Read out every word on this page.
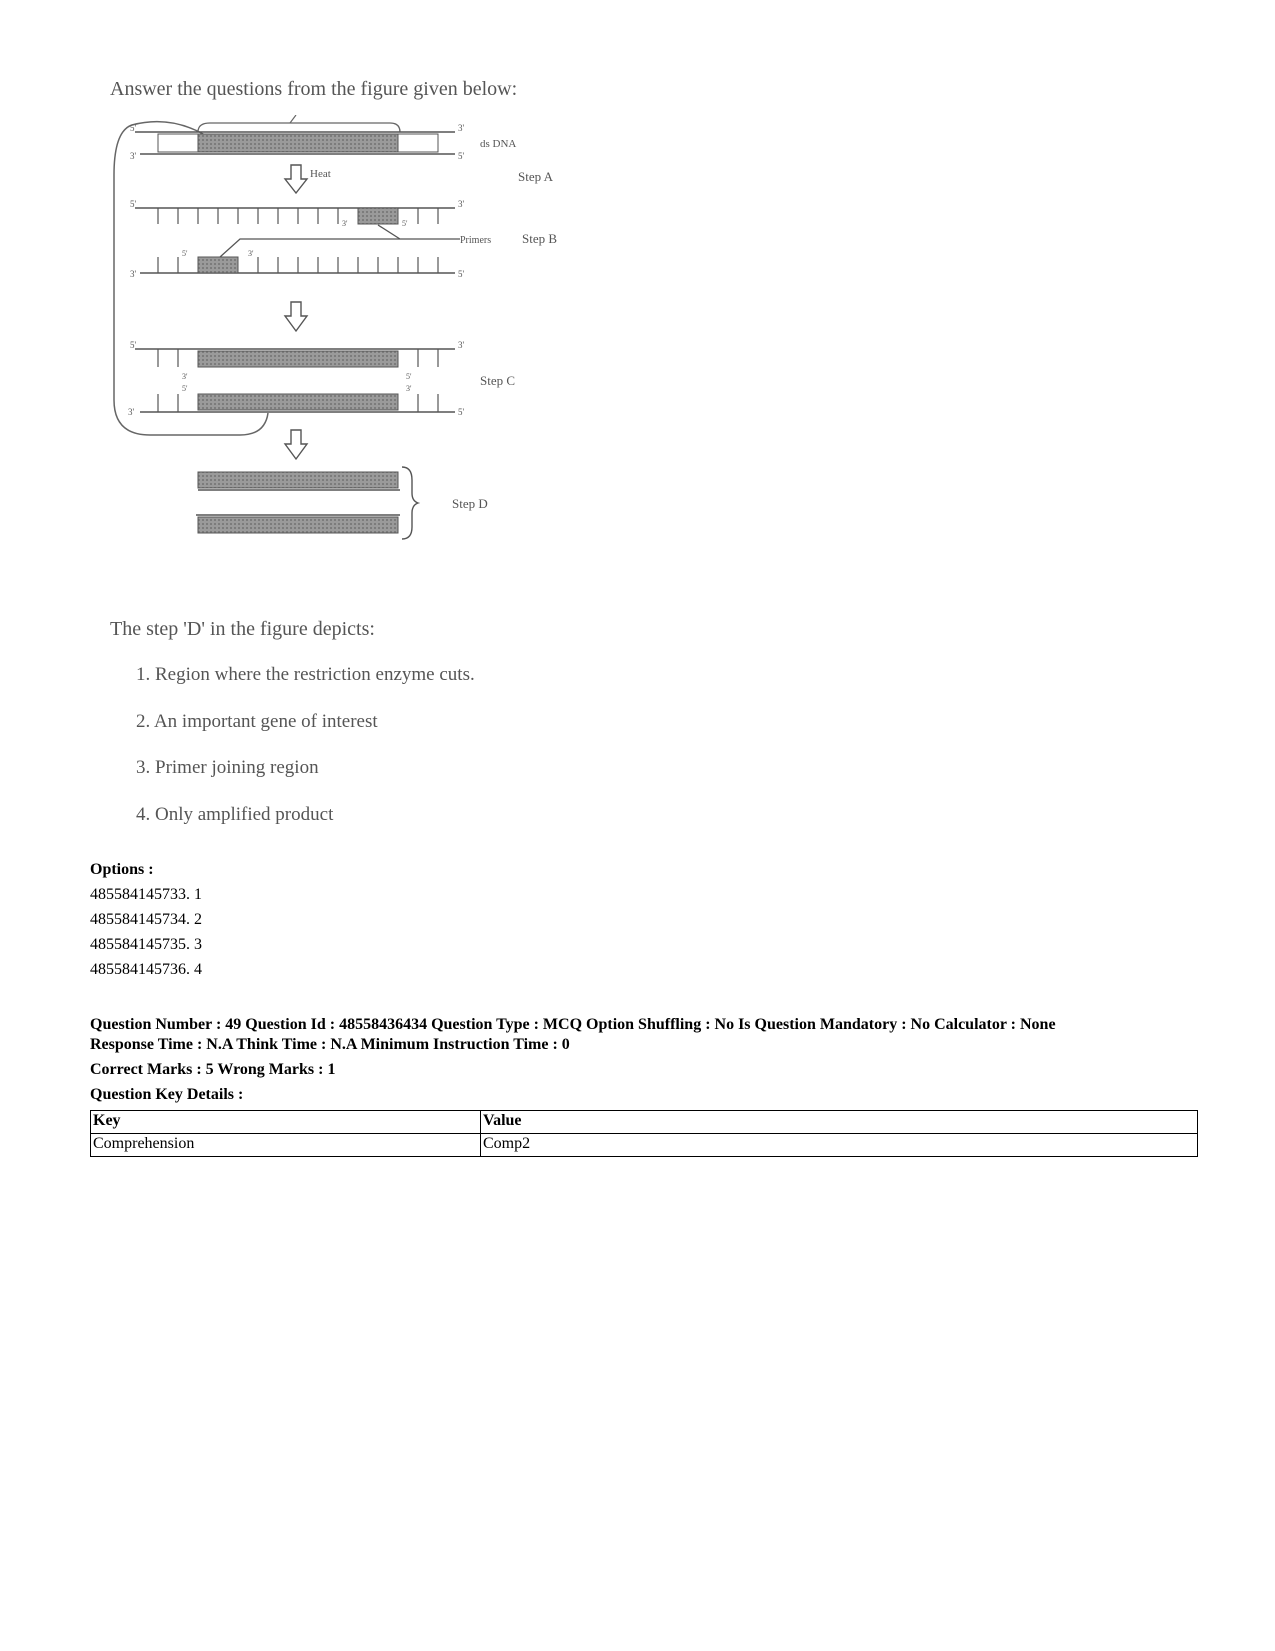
Answer the questions from the figure given below:
5'
3'
3'
5'
ds DNA
Heat	Step A
5'	3'
3'	5'
Primers Step B
3'	5'
5'	3'
5'	3'
3'	5'
5'	3'
3'	5'
Step C
Step D
The step 'D' in the figure depicts:
1. Region where the restriction enzyme cuts.
2. An important gene of interest
3. Primer joining region
4. Only amplified product
Options :
485584145733. 1
485584145734. 2
485584145735. 3
485584145736. 4
Question Number : 49 Question Id : 48558436434 Question Type : MCQ Option Shuffling : No Is Question Mandatory : No Calculator : None
Response Time : N.A Think Time : N.A Minimum Instruction Time : 0
Correct Marks : 5 Wrong Marks : 1
Question Key Details :
Key	Value
Comprehension	Comp2
